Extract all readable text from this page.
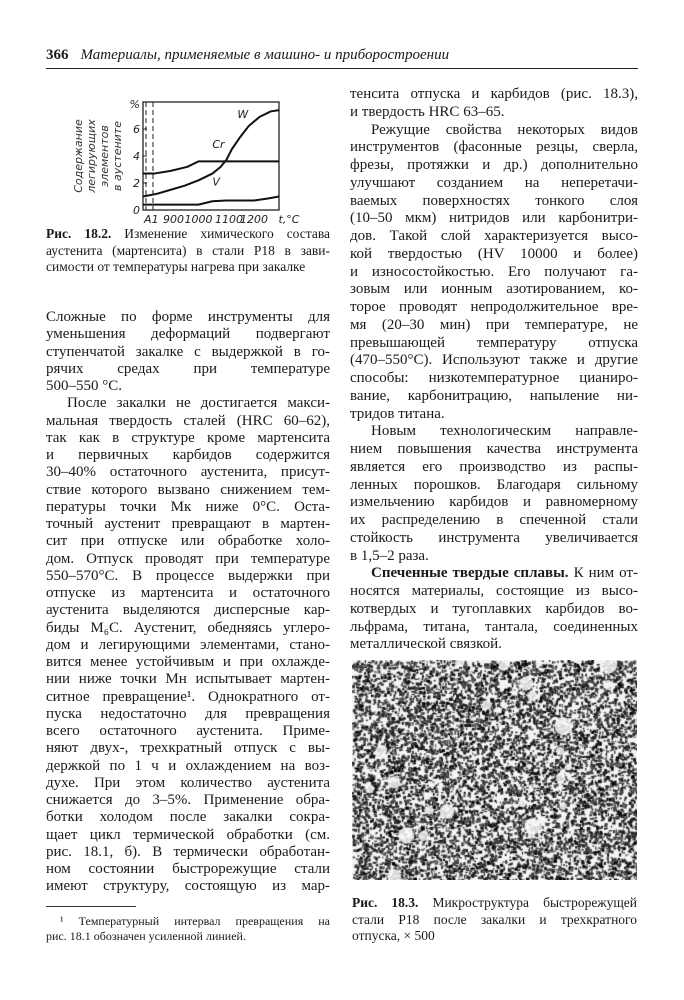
366 Материалы, применяемые в машино- и приборостроении
0
2
4
6
%
A1 900 1000 1100
1200 t,°C
Содержание легирующих элементов в аустените
W
Cr
V
Рис. 18.2. Изменение химического состава
аустенита (мартенсита) в стали Р18 в зави-
симости от температуры нагрева при закалке
Сложные по форме инструменты для
уменьшения деформаций подвергают
ступенчатой закалке с выдержкой в го-
рячих средах при температуре
500–550 °C.
После закалки не достигается макси-
мальная твердость сталей (HRC 60–62),
так как в структуре кроме мартенсита
и первичных карбидов содержится
30–40% остаточного аустенита, присут-
ствие которого вызвано снижением тем-
пературы точки Mк ниже 0°C. Оста-
точный аустенит превращают в мартен-
сит при отпуске или обработке холо-
дом. Отпуск проводят при температуре
550–570°C. В процессе выдержки при
отпуске из мартенсита и остаточного
аустенита выделяются дисперсные кар-
биды M₆C. Аустенит, обедняясь углеро-
дом и легирующими элементами, стано-
вится менее устойчивым и при охлажде-
нии ниже точки Mн испытывает мартен-
ситное превращение¹. Однократного от-
пуска недостаточно для превращения
всего остаточного аустенита. Приме-
няют двух-, трехкратный отпуск с вы-
держкой по 1 ч и охлаждением на воз-
духе. При этом количество аустенита
снижается до 3–5%. Применение обра-
ботки холодом после закалки сокра-
щает цикл термической обработки (см.
рис. 18.1, б). В термически обработан-
ном состоянии быстрорежущие стали
имеют структуру, состоящую из мар-
тенсита отпуска и карбидов (рис. 18.3),
и твердость HRC 63–65.
Режущие свойства некоторых видов
инструментов (фасонные резцы, сверла,
фрезы, протяжки и др.) дополнительно
улучшают созданием на неперетачи-
ваемых поверхностях тонкого слоя
(10–50 мкм) нитридов или карбонитри-
дов. Такой слой характеризуется высо-
кой твердостью (HV 10000 и более)
и износостойкостью. Его получают га-
зовым или ионным азотированием, ко-
торое проводят непродолжительное вре-
мя (20–30 мин) при температуре, не
превышающей температуру отпуска
(470–550°C). Используют также и другие
способы: низкотемпературное цианиро-
вание, карбонитрацию, напыление ни-
тридов титана.
Новым технологическим направле-
нием повышения качества инструмента
является его производство из распы-
ленных порошков. Благодаря сильному
измельчению карбидов и равномерному
их распределению в спеченной стали
стойкость инструмента увеличивается
в 1,5–2 раза.
Спеченные твердые сплавы. К ним от-
носятся материалы, состоящие из высо-
котвердых и тугоплавких карбидов во-
льфрама, титана, тантала, соединенных
металлической связкой.
Рис. 18.3. Микроструктура быстрорежущей
стали Р18 после закалки и трехкратного
отпуска, × 500
¹ Температурный интервал превращения на
рис. 18.1 обозначен усиленной линией.
